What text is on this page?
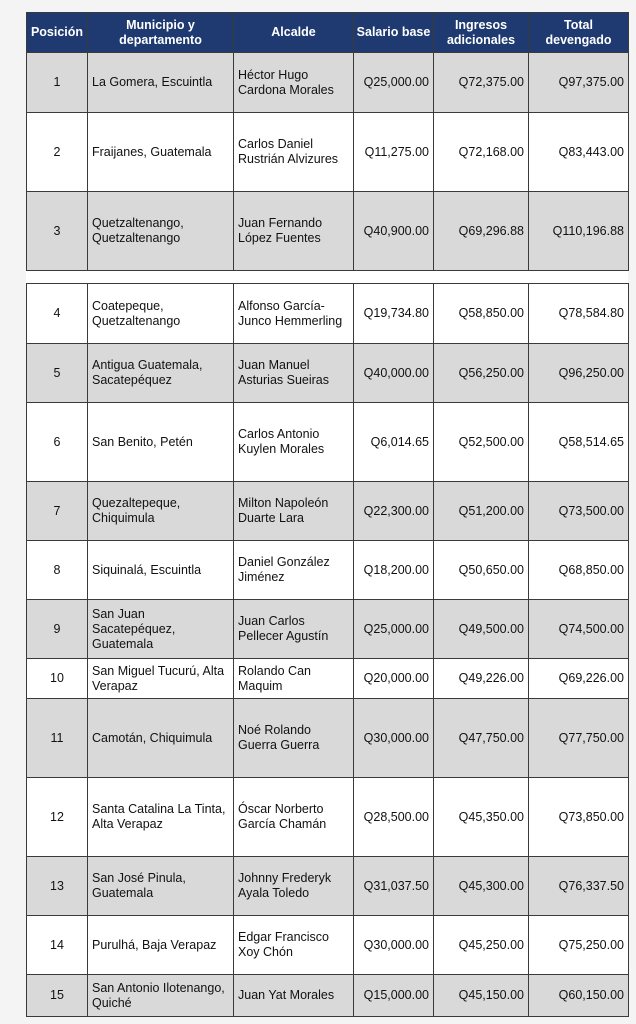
Posición	Municipio y departamento	Alcalde	Salario base	Ingresos adicionales	Total devengado
1	La Gomera, Escuintla	Héctor Hugo Cardona Morales	Q25,000.00	Q72,375.00	Q97,375.00
2	Fraijanes, Guatemala	Carlos Daniel Rustrián Alvizures	Q11,275.00	Q72,168.00	Q83,443.00
3	Quetzaltenango, Quetzaltenango	Juan Fernando López Fuentes	Q40,900.00	Q69,296.88	Q110,196.88
4	Coatepeque, Quetzaltenango	Alfonso García-Junco Hemmerling	Q19,734.80	Q58,850.00	Q78,584.80
5	Antigua Guatemala, Sacatepéquez	Juan Manuel Asturias Sueiras	Q40,000.00	Q56,250.00	Q96,250.00
6	San Benito, Petén	Carlos Antonio Kuylen Morales	Q6,014.65	Q52,500.00	Q58,514.65
7	Quezaltepeque, Chiquimula	Milton Napoleón Duarte Lara	Q22,300.00	Q51,200.00	Q73,500.00
8	Siquinalá, Escuintla	Daniel González Jiménez	Q18,200.00	Q50,650.00	Q68,850.00
9	San Juan Sacatepéquez, Guatemala	Juan Carlos Pellecer Agustín	Q25,000.00	Q49,500.00	Q74,500.00
10	San Miguel Tucurú, Alta Verapaz	Rolando Can Maquim	Q20,000.00	Q49,226.00	Q69,226.00
11	Camotán, Chiquimula	Noé Rolando Guerra Guerra	Q30,000.00	Q47,750.00	Q77,750.00
12	Santa Catalina La Tinta, Alta Verapaz	Óscar Norberto García Chamán	Q28,500.00	Q45,350.00	Q73,850.00
13	San José Pinula, Guatemala	Johnny Frederyk Ayala Toledo	Q31,037.50	Q45,300.00	Q76,337.50
14	Purulhá, Baja Verapaz	Edgar Francisco Xoy Chón	Q30,000.00	Q45,250.00	Q75,250.00
15	San Antonio Ilotenango, Quiché	Juan Yat Morales	Q15,000.00	Q45,150.00	Q60,150.00
